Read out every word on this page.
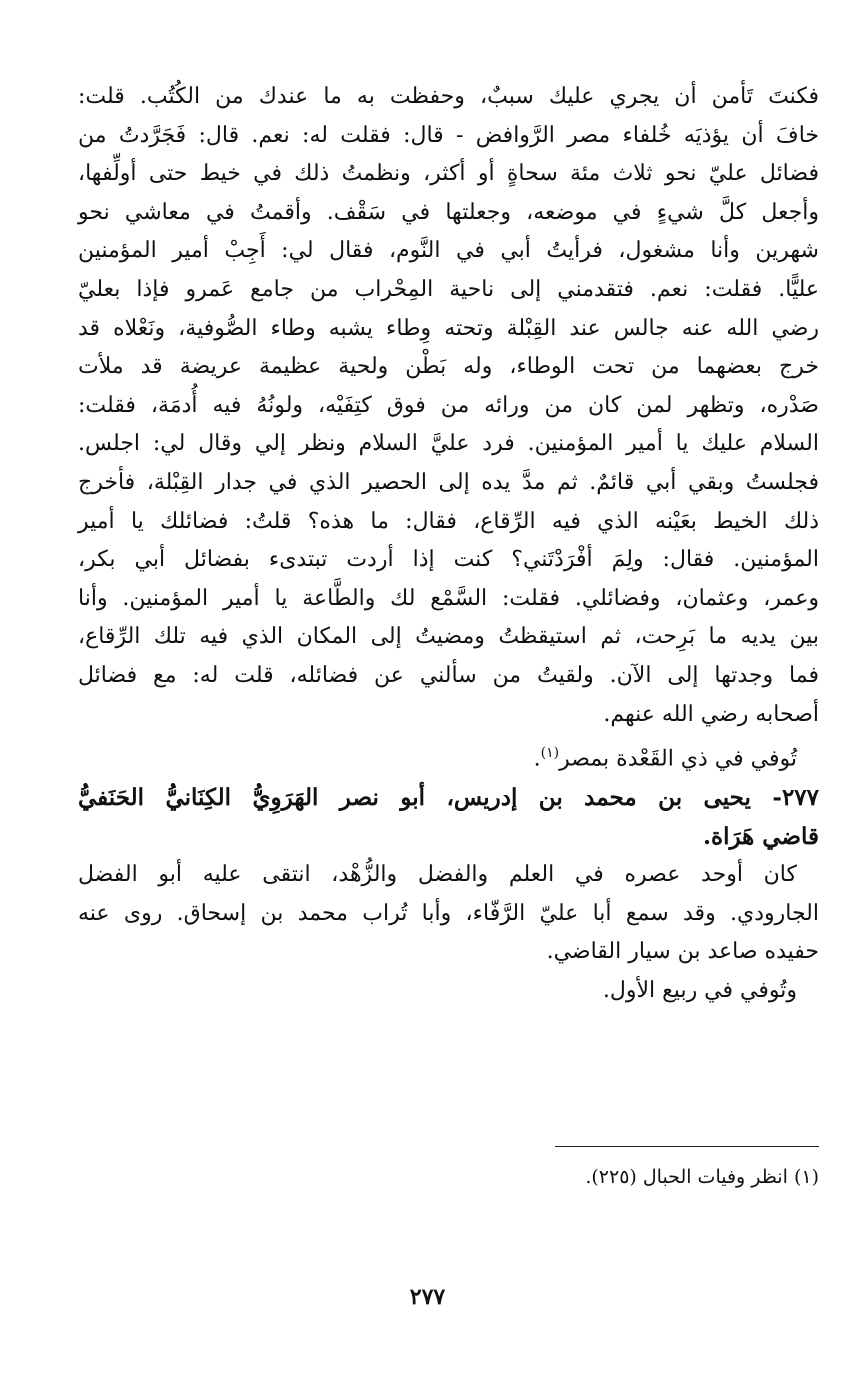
فكنتَ تَأمن أن يجري عليك سببٌ، وحفظت به ما عندك من الكُتُب. قلت:
خافَ أن يؤذيَه خُلفاء مصر الرَّوافض - قال: فقلت له: نعم. قال: فَجَرَّدتُ من
فضائل عليّ نحو ثلاث مئة سحاةٍ أو أكثر، ونظمتُ ذلك في خيط حتى أولِّفها،
وأجعل كلَّ شيءٍ في موضعه، وجعلتها في سَقْف. وأقمتُ في معاشي نحو
شهرين وأنا مشغول، فرأيتُ أبي في النَّوم، فقال لي: أَجِبْ أمير المؤمنين
عليًّا. فقلت: نعم. فتقدمني إلى ناحية المِحْراب من جامع عَمرو فإذا بعليّ
رضي الله عنه جالس عند القِبْلة وتحته وِطاء يشبه وطاء الصُّوفية، ونَعْلاه قد
خرج بعضهما من تحت الوطاء، وله بَطْن ولحية عظيمة عريضة قد ملأت
صَدْره، وتظهر لمن كان من ورائه من فوق كتِفَيْه، ولونُهُ فيه أُدمَة، فقلت:
السلام عليك يا أمير المؤمنين. فرد عليَّ السلام ونظر إلي وقال لي: اجلس.
فجلستُ وبقي أبي قائمٌ. ثم مدَّ يده إلى الحصير الذي في جدار القِبْلة، فأخرج
ذلك الخيط بعَيْنه الذي فيه الرِّقاع، فقال: ما هذه؟ قلتُ: فضائلك يا أمير
المؤمنين. فقال: ولِمَ أفْرَدْتَني؟ كنت إذا أردت تبتدىء بفضائل أبي بكر،
وعمر، وعثمان، وفضائلي. فقلت: السَّمْع لك والطَّاعة يا أمير المؤمنين. وأنا
بين يديه ما بَرِحت، ثم استيقظتُ ومضيتُ إلى المكان الذي فيه تلك الرِّقاع،
فما وجدتها إلى الآن. ولقيتُ من سألني عن فضائله، قلت له: مع فضائل
أصحابه رضي الله عنهم.
تُوفي في ذي القَعْدة بمصر$^{(١)}$.
٢٧٧- يحيى بن محمد بن إدريس، أبو نصر الهَرَوِيُّ الكِنَانيُّ الحَنَفيُّ
قاضي هَرَاة.
كان أوحد عصره في العلم والفضل والزُّهْد، انتقى عليه أبو الفضل
الجارودي. وقد سمع أبا عليّ الرَّفّاء، وأبا تُراب محمد بن إسحاق. روى عنه
حفيده صاعد بن سيار القاضي.
وتُوفي في ربيع الأول.
(١) انظر وفيات الحبال (٢٢٥).
٢٧٧
